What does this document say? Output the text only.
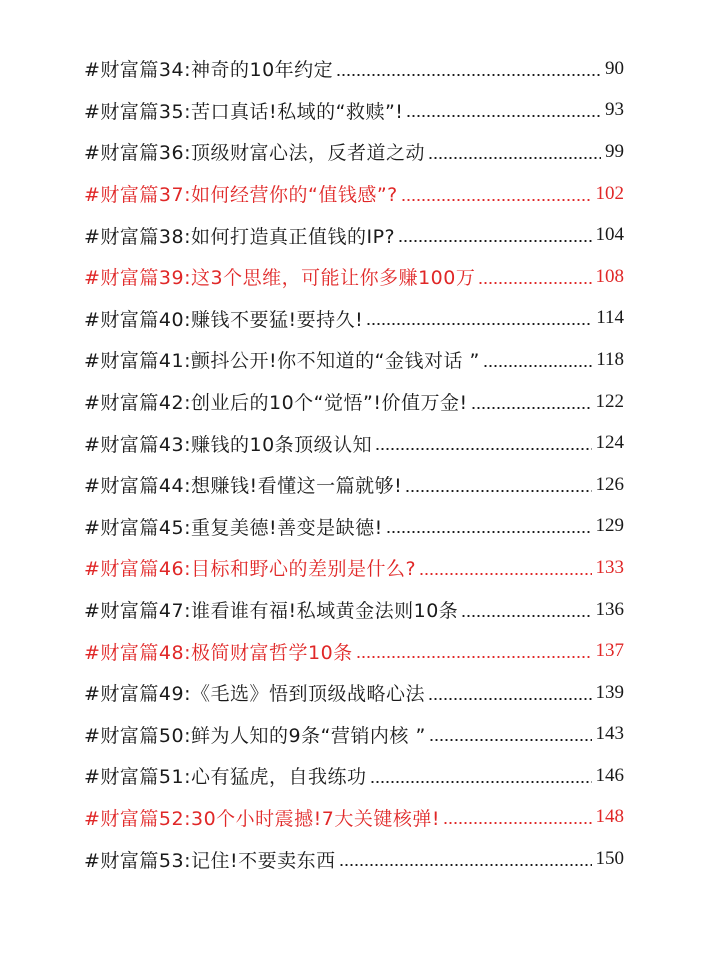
#财富篇34:神奇的10年约定	90
#财富篇35:苦口真话!私域的“救赎”!	93
#财富篇36:顶级财富心法，反者道之动	99
#财富篇37:如何经营你的“值钱感”?	102
#财富篇38:如何打造真正值钱的IP?	104
#财富篇39:这3个思维，可能让你多赚100万	108
#财富篇40:赚钱不要猛!要持久!	114
#财富篇41:颤抖公开!你不知道的“金钱对话 ”	118
#财富篇42:创业后的10个“觉悟”!价值万金!	122
#财富篇43:赚钱的10条顶级认知	124
#财富篇44:想赚钱!看懂这一篇就够!	126
#财富篇45:重复美德!善变是缺德!	129
#财富篇46:目标和野心的差别是什么?	133
#财富篇47:谁看谁有福!私域黄金法则10条	136
#财富篇48:极简财富哲学10条	137
#财富篇49:《毛选》悟到顶级战略心法	139
#财富篇50:鲜为人知的9条“营销内核 ”	143
#财富篇51:心有猛虎，自我练功	146
#财富篇52:30个小时震撼!7大关键核弹!	148
#财富篇53:记住!不要卖东西	150
